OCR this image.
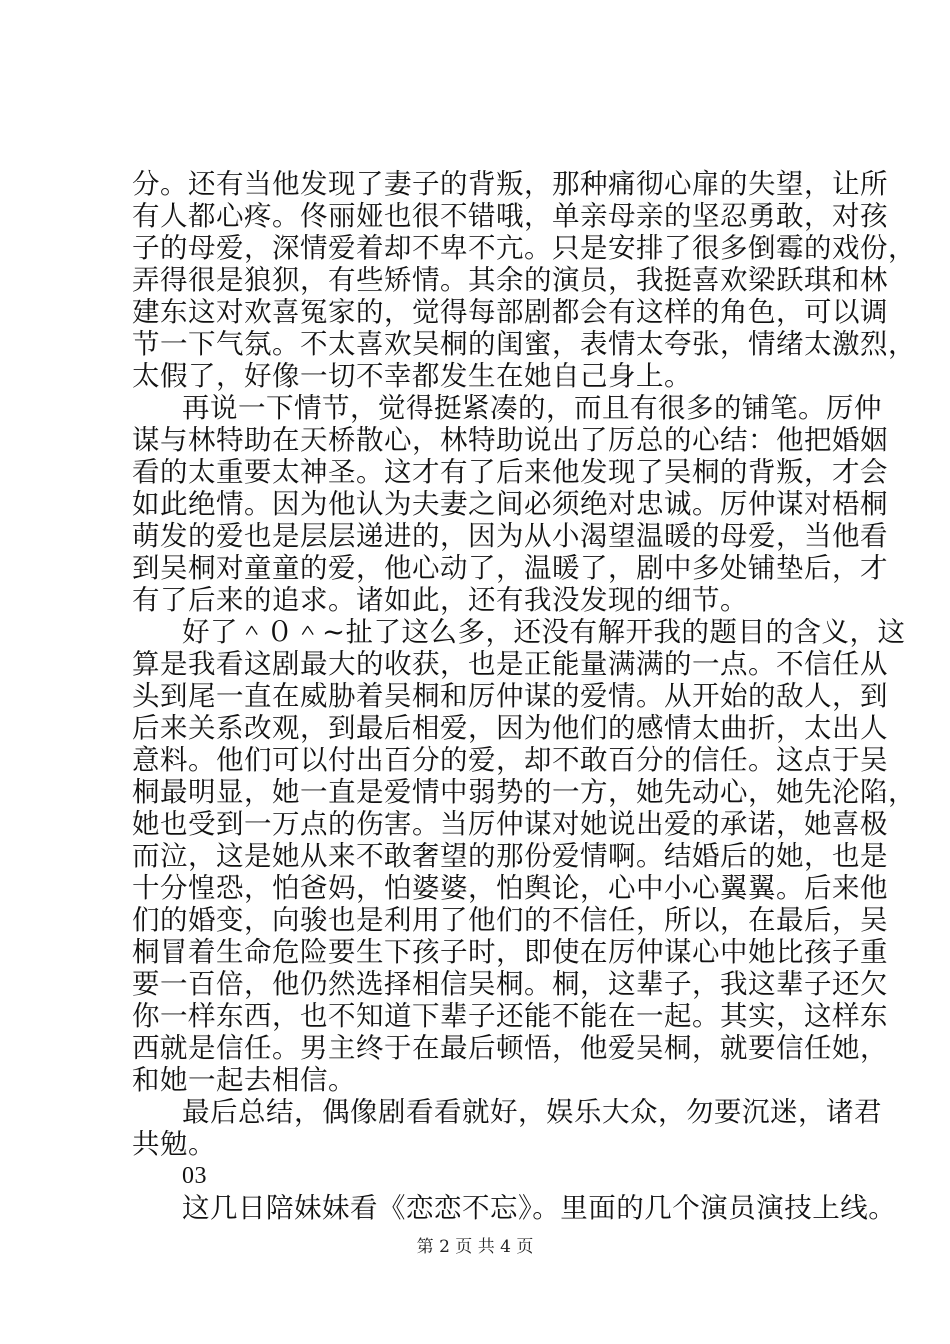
分。还有当他发现了妻子的背叛，那种痛彻心扉的失望，让所
有人都心疼。佟丽娅也很不错哦，单亲母亲的坚忍勇敢，对孩
子的母爱，深情爱着却不卑不亢。只是安排了很多倒霉的戏份，
弄得很是狼狈，有些矫情。其余的演员，我挺喜欢梁跃琪和林
建东这对欢喜冤家的，觉得每部剧都会有这样的角色，可以调
节一下气氛。不太喜欢吴桐的闺蜜，表情太夸张，情绪太激烈，
太假了，好像一切不幸都发生在她自己身上。
再说一下情节，觉得挺紧凑的，而且有很多的铺笔。厉仲
谋与林特助在天桥散心，林特助说出了厉总的心结：他把婚姻
看的太重要太神圣。这才有了后来他发现了吴桐的背叛，才会
如此绝情。因为他认为夫妻之间必须绝对忠诚。厉仲谋对梧桐
萌发的爱也是层层递进的，因为从小渴望温暖的母爱，当他看
到吴桐对童童的爱，他心动了，温暖了，剧中多处铺垫后，才
有了后来的追求。诸如此，还有我没发现的细节。
好了＾０＾~扯了这么多，还没有解开我的题目的含义，这
算是我看这剧最大的收获，也是正能量满满的一点。不信任从
头到尾一直在威胁着吴桐和厉仲谋的爱情。从开始的敌人，到
后来关系改观，到最后相爱，因为他们的感情太曲折，太出人
意料。他们可以付出百分的爱，却不敢百分的信任。这点于吴
桐最明显，她一直是爱情中弱势的一方，她先动心，她先沦陷，
她也受到一万点的伤害。当厉仲谋对她说出爱的承诺，她喜极
而泣，这是她从来不敢奢望的那份爱情啊。结婚后的她，也是
十分惶恐，怕爸妈，怕婆婆，怕舆论，心中小心翼翼。后来他
们的婚变，向骏也是利用了他们的不信任，所以，在最后，吴
桐冒着生命危险要生下孩子时，即使在厉仲谋心中她比孩子重
要一百倍，他仍然选择相信吴桐。桐，这辈子，我这辈子还欠
你一样东西，也不知道下辈子还能不能在一起。其实，这样东
西就是信任。男主终于在最后顿悟，他爱吴桐，就要信任她，
和她一起去相信。
最后总结，偶像剧看看就好，娱乐大众，勿要沉迷，诸君
共勉。
03
这几日陪妹妹看《恋恋不忘》。里面的几个演员演技上线。
第 2 页 共 4 页
